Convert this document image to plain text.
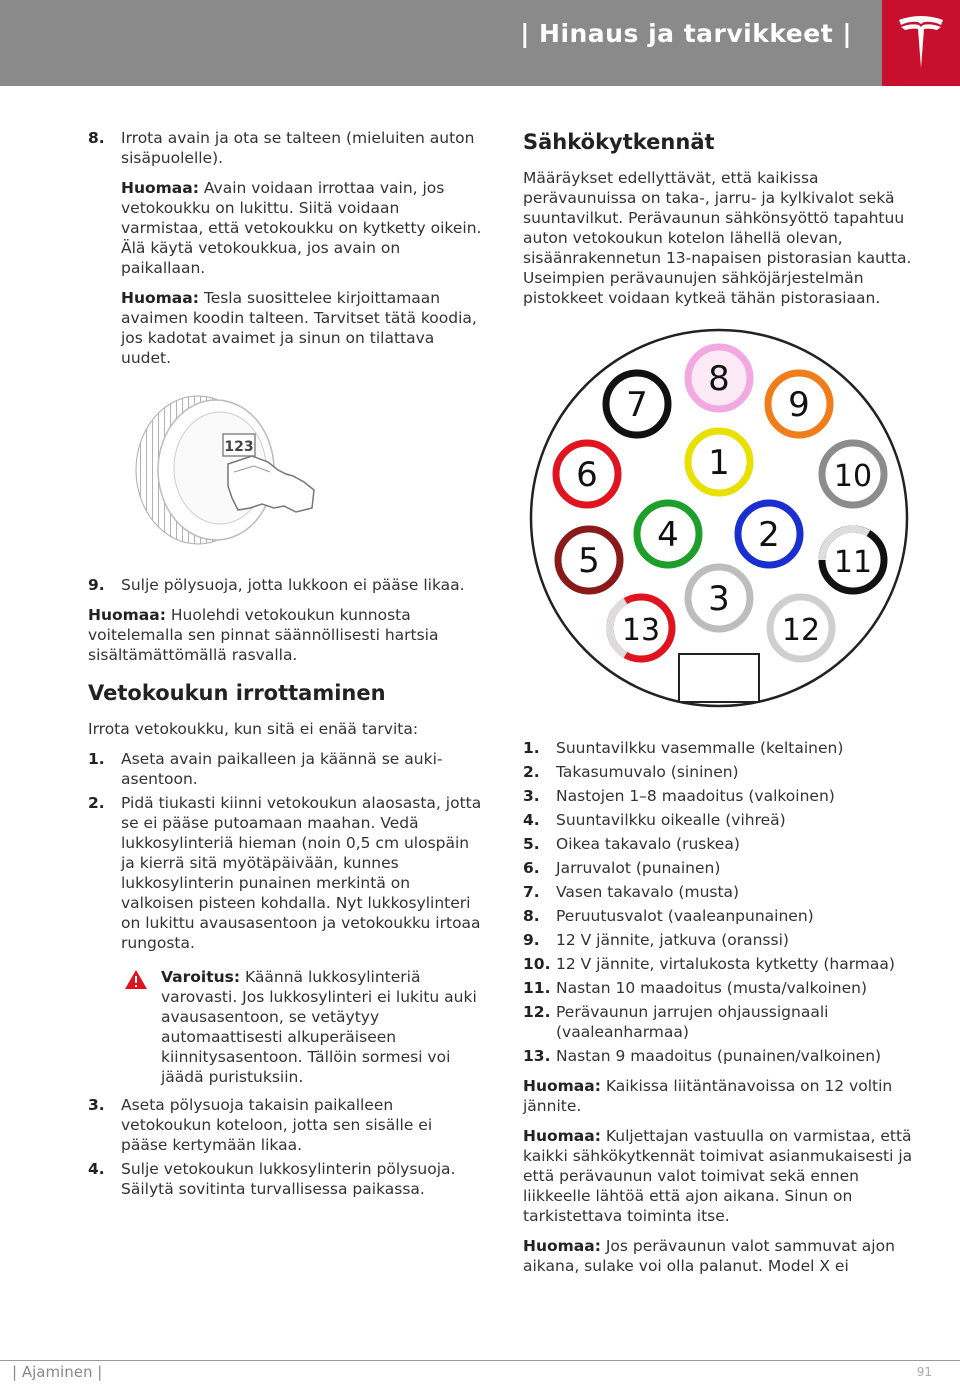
| Hinaus ja tarvikkeet |
8. Irrota avain ja ota se talteen (mieluiten auton sisäpuolelle).

Huomaa: Avain voidaan irrottaa vain, jos vetokoukku on lukittu. Siitä voidaan varmistaa, että vetokoukku on kytketty oikein. Älä käytä vetokoukkua, jos avain on paikallaan.

Huomaa: Tesla suosittelee kirjoittamaan avaimen koodin talteen. Tarvitset tätä koodia, jos kadotat avaimet ja sinun on tilattava uudet.

123
9. Sulje pölysuoja, jotta lukkoon ei pääse likaa.

Huomaa: Huolehdi vetokoukun kunnosta voitelemalla sen pinnat säännöllisesti hartsia sisältämättömällä rasvalla.

Vetokoukun irrottaminen

Irrota vetokoukku, kun sitä ei enää tarvita:

1. Aseta avain paikalleen ja käännä se auki-asentoon.
2. Pidä tiukasti kiinni vetokoukun alaosasta, jotta se ei pääse putoamaan maahan. Vedä lukkosylinteriä hieman (noin 0,5 cm ulospäin ja kierrä sitä myötäpäivään, kunnes lukkosylinterin punainen merkintä on valkoisen pisteen kohdalla. Nyt lukkosylinteri on lukittu avausasentoon ja vetokoukku irtoaa rungosta.
Varoitus: Käännä lukkosylinteriä varovasti. Jos lukkosylinteri ei lukitu auki avausasentoon, se vetäytyy automaattisesti alkuperäiseen kiinnitysasentoon. Tällöin sormesi voi jäädä puristuksiin.
3. Aseta pölysuoja takaisin paikalleen vetokoukun koteloon, jotta sen sisälle ei pääse kertymään likaa.
4. Sulje vetokoukun lukkosylinterin pölysuoja. Säilytä sovitinta turvallisessa paikassa.
Sähkökytkennät

Määräykset edellyttävät, että kaikissa perävaunuissa on taka-, jarru- ja kylkivalot sekä suuntavilkut. Perävaunun sähkönsyöttö tapahtuu auton vetokoukun kotelon lähellä olevan, sisäänrakennetun 13-napaisen pistorasian kautta. Useimpien perävaunujen sähköjärjestelmän pistokkeet voidaan kytkeä tähän pistorasiaan.

1
2
3
4
5
6
7
8
9
10
11
12
13
1. Suuntavilkku vasemmalle (keltainen)
2. Takasumuvalo (sininen)
3. Nastojen 1–8 maadoitus (valkoinen)
4. Suuntavilkku oikealle (vihreä)
5. Oikea takavalo (ruskea)
6. Jarruvalot (punainen)
7. Vasen takavalo (musta)
8. Peruutusvalot (vaaleanpunainen)
9. 12 V jännite, jatkuva (oranssi)
10. 12 V jännite, virtalukosta kytketty (harmaa)
11. Nastan 10 maadoitus (musta/valkoinen)
12. Perävaunun jarrujen ohjaussignaali (vaaleanharmaa)
13. Nastan 9 maadoitus (punainen/valkoinen)

Huomaa: Kaikissa liitäntänavoissa on 12 voltin jännite.

Huomaa: Kuljettajan vastuulla on varmistaa, että kaikki sähkökytkennät toimivat asianmukaisesti ja että perävaunun valot toimivat sekä ennen liikkeelle lähtöä että ajon aikana. Sinun on tarkistettava toiminta itse.

Huomaa: Jos perävaunun valot sammuvat ajon aikana, sulake voi olla palanut. Model X ei

| Ajaminen |	91
